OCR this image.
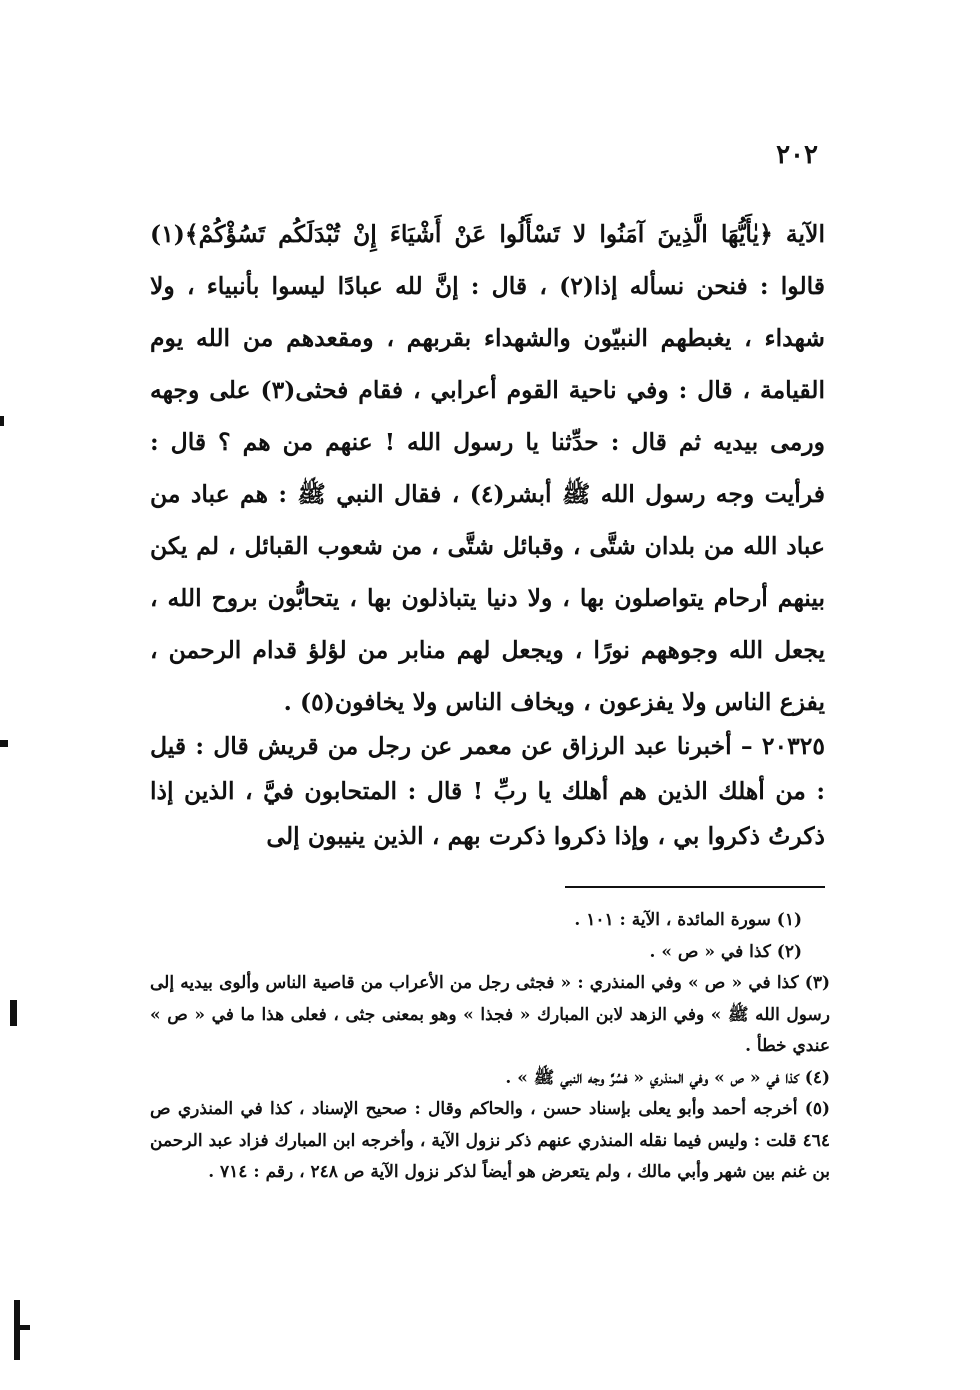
٢٠٢

الآية ﴿يٰأَيُّهَا الَّذِينَ آمَنُوا لا تَسْأَلُوا عَنْ أَشْيَاءَ إِنْ تُبْدَلَكُم تَسُؤْكُمْ﴾(١) قالوا : فنحن نسأله إذا(٢) ، قال : إنَّ لله عبادًا ليسوا بأنبياء ، ولا شهداء ، يغبطهم النبيّون والشهداء بقربهم ، ومقعدهم من الله يوم القيامة ، قال : وفي ناحية القوم أعرابي ، فقام فحثى(٣) على وجهه ورمى بيديه ثم قال : حدِّثنا يا رسول الله ! عنهم من هم ؟ قال : فرأيت وجه رسول الله ﷺ أبشر(٤) ، فقال النبي ﷺ : هم عباد من عباد الله من بلدان شتَّى ، وقبائل شتَّى ، من شعوب القبائل ، لم يكن بينهم أرحام يتواصلون بها ، ولا دنيا يتباذلون بها ، يتحابُّون بروح الله ، يجعل الله وجوههم نورًا ، ويجعل لهم منابر من لؤلؤ قدام الرحمن ، يفزع الناس ولا يفزعون ، ويخاف الناس ولا يخافون(٥) .

٢٠٣٢٥ – أخبرنا عبد الرزاق عن معمر عن رجل من قريش قال : قيل : من أهلك الذين هم أهلك يا ربِّ ! قال : المتحابون فيَّ ، الذين إذا ذكرتُ ذكروا بي ، وإذا ذكروا ذكرت بهم ، الذين ينيبون إلى

(١) سورة المائدة ، الآية : ١٠١ .

(٢) كذا في « ص » .

(٣) كذا في « ص » وفي المنذري : « فجثى رجل من الأعراب من قاصية الناس وألوى بيديه إلى رسول الله ﷺ » وفي الزهد لابن المبارك « فجذا » وهو بمعنى جثى ، فعلى هذا ما في « ص » عندي خطأ .

(٤) كذا في « ص » وفي المنذري « فسُرَّ وجه النبي ﷺ » .

(٥) أخرجه أحمد وأبو يعلى بإسناد حسن ، والحاكم وقال : صحيح الإسناد ، كذا في المنذري ص ٤٦٤ قلت : وليس فيما نقله المنذري عنهم ذكر نزول الآية ، وأخرجه ابن المبارك فزاد عبد الرحمن بن غنم بين شهر وأبي مالك ، ولم يتعرض هو أيضاً لذكر نزول الآية ص ٢٤٨ ، رقم : ٧١٤ .
